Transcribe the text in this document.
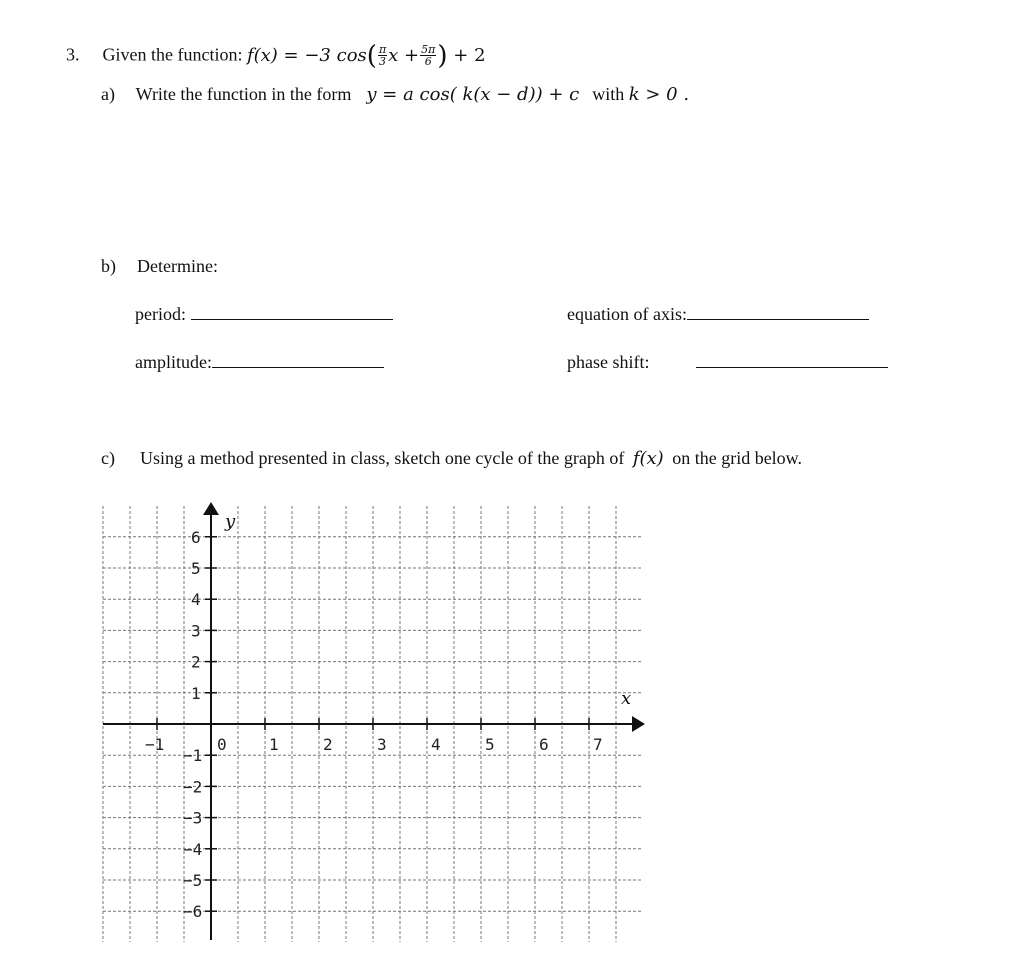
3. Given the function: f(x) = −3 $\cos( \frac{\pi}{3}$ $x + \frac{5\pi}{6}$ ) + 2
a) Write the function in the form y = a cos( k(x − d)) + c with k > 0 .
b) Determine:
period:
amplitude:
equation of axis:
phase shift:
c) Using a method presented in class, sketch one cycle of the graph of f(x) on the grid below.
−1	0	1	2	3	4	5	6	7
6
5
4
3
2
1
−1
−2
−3
−4
−5
−6
y
x
